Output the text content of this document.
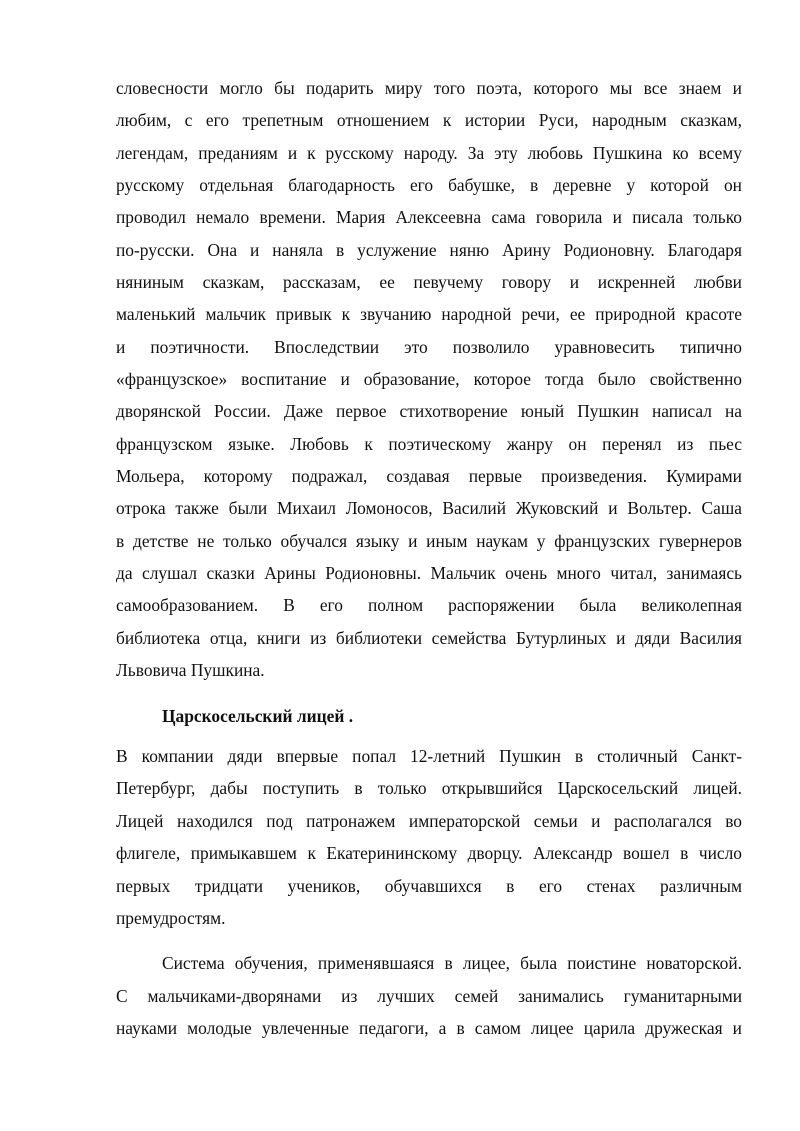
словесности могло бы подарить миру того поэта, которого мы все знаем и
любим, с его трепетным отношением к истории Руси, народным сказкам,
легендам, преданиям и к русскому народу. За эту любовь Пушкина ко всему
русскому отдельная благодарность его бабушке, в деревне у которой он
проводил немало времени. Мария Алексеевна сама говорила и писала только
по-русски. Она и наняла в услужение няню Арину Родионовну. Благодаря
няниным сказкам, рассказам, ее певучему говору и искренней любви
маленький мальчик привык к звучанию народной речи, ее природной красоте
и поэтичности. Впоследствии это позволило уравновесить типично
«французское» воспитание и образование, которое тогда было свойственно
дворянской России. Даже первое стихотворение юный Пушкин написал на
французском языке. Любовь к поэтическому жанру он перенял из пьес
Мольера, которому подражал, создавая первые произведения. Кумирами
отрока также были Михаил Ломоносов, Василий Жуковский и Вольтер. Саша
в детстве не только обучался языку и иным наукам у французских гувернеров
да слушал сказки Арины Родионовны. Мальчик очень много читал, занимаясь
самообразованием. В его полном распоряжении была великолепная
библиотека отца, книги из библиотеки семейства Бутурлиных и дяди Василия
Львовича Пушкина.
Царскосельский лицей .
В компании дяди впервые попал 12-летний Пушкин в столичный Санкт-
Петербург, дабы поступить в только открывшийся Царскосельский лицей.
Лицей находился под патронажем императорской семьи и располагался во
флигеле, примыкавшем к Екатерининскому дворцу. Александр вошел в число
первых тридцати учеников, обучавшихся в его стенах различным
премудростям.
Система обучения, применявшаяся в лицее, была поистине новаторской.
С мальчиками-дворянами из лучших семей занимались гуманитарными
науками молодые увлеченные педагоги, а в самом лицее царила дружеская и
